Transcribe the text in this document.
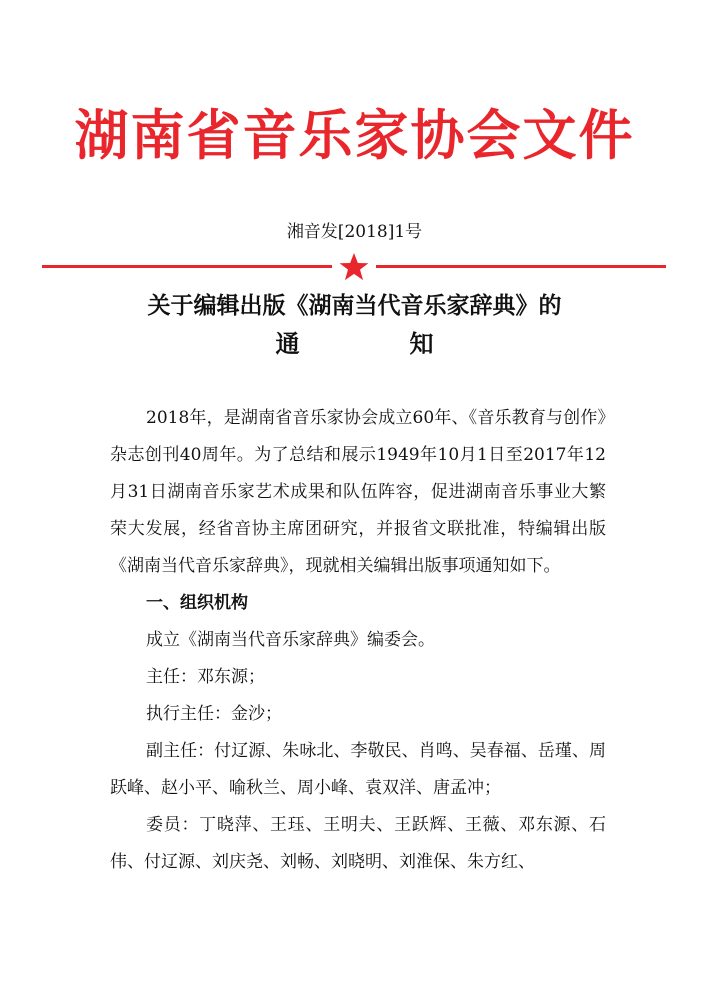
湖南省音乐家协会文件
湘音发[2018]1号
关于编辑出版《湖南当代音乐家辞典》的
通	知

2018年，是湖南省音乐家协会成立60年、《音乐教育与创作》杂志创刊40周年。为了总结和展示1949年10月1日至2017年12月31日湖南音乐家艺术成果和队伍阵容，促进湖南音乐事业大繁荣大发展，经省音协主席团研究，并报省文联批准，特编辑出版《湖南当代音乐家辞典》，现就相关编辑出版事项通知如下。

一、组织机构

成立《湖南当代音乐家辞典》编委会。

主任：邓东源；

执行主任：金沙；

副主任：付辽源、朱咏北、李敬民、肖鸣、吴春福、岳瑾、周跃峰、赵小平、喻秋兰、周小峰、袁双洋、唐孟冲；

委员：丁晓萍、王珏、王明夫、王跃辉、王薇、邓东源、石伟、付辽源、刘庆尧、刘畅、刘晓明、刘淮保、朱方红、
